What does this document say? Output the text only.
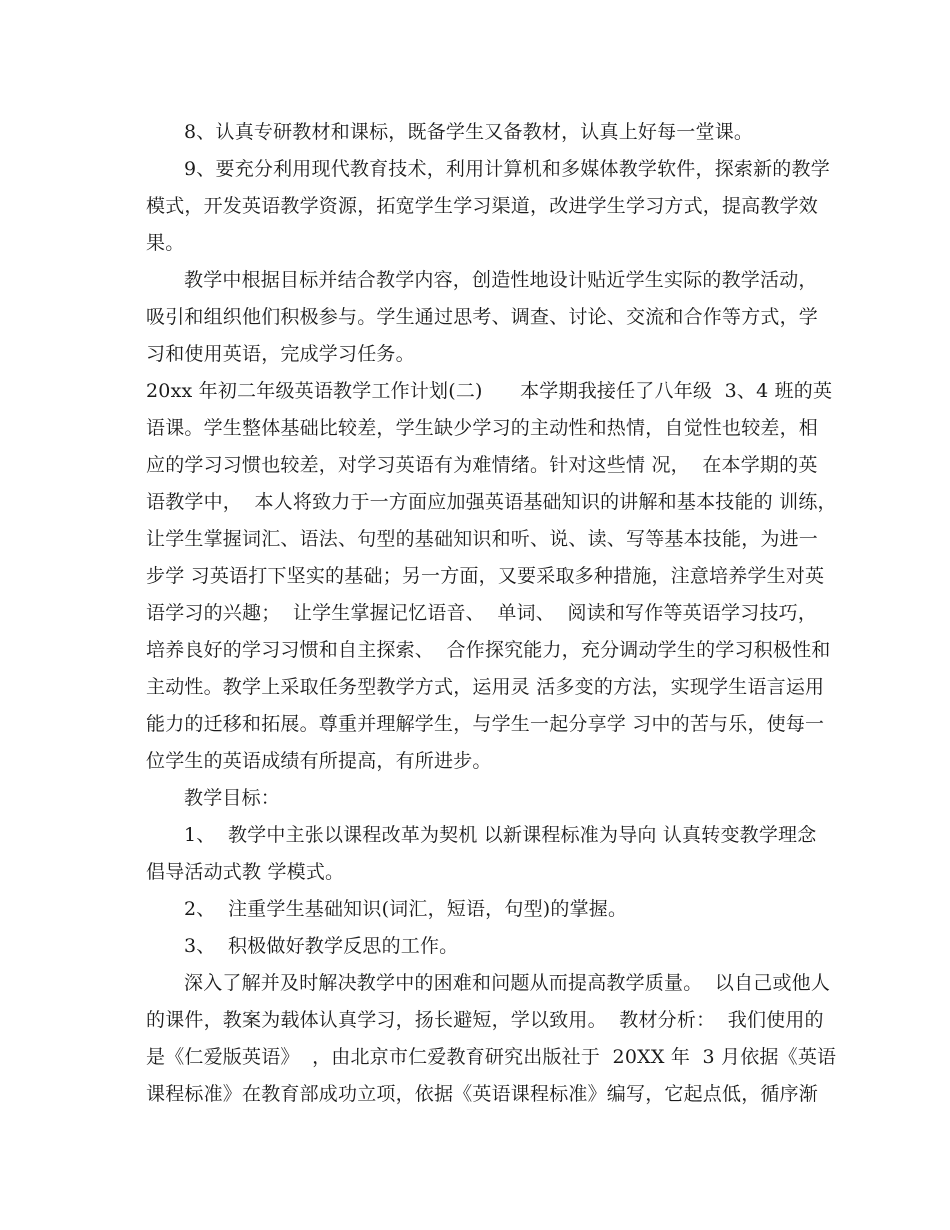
8、认真专研教材和课标，既备学生又备教材，认真上好每一堂课。
9、要充分利用现代教育技术，利用计算机和多媒体教学软件，探索新的教学
模式，开发英语教学资源，拓宽学生学习渠道，改进学生学习方式，提高教学效
果。
教学中根据目标并结合教学内容，创造性地设计贴近学生实际的教学活动，
吸引和组织他们积极参与。学生通过思考、调查、讨论、交流和合作等方式，学
习和使用英语，完成学习任务。
20xx 年初二年级英语教学工作计划(二)      本学期我接任了八年级  3、4 班的英
语课。学生整体基础比较差，学生缺少学习的主动性和热情，自觉性也较差，相
应的学习习惯也较差，对学习英语有为难情绪。针对这些情 况，  在本学期的英
语教学中，  本人将致力于一方面应加强英语基础知识的讲解和基本技能的 训练，
让学生掌握词汇、语法、句型的基础知识和听、说、读、写等基本技能，为进一
步学 习英语打下坚实的基础；另一方面，又要采取多种措施，注意培养学生对英
语学习的兴趣；  让学生掌握记忆语音、  单词、  阅读和写作等英语学习技巧，
培养良好的学习习惯和自主探索、  合作探究能力，充分调动学生的学习积极性和
主动性。教学上采取任务型教学方式，运用灵 活多变的方法，实现学生语言运用
能力的迁移和拓展。尊重并理解学生，与学生一起分享学 习中的苦与乐，使每一
位学生的英语成绩有所提高，有所进步。
教学目标：
1、  教学中主张以课程改革为契机 以新课程标准为导向 认真转变教学理念
倡导活动式教 学模式。
2、  注重学生基础知识(词汇，短语，句型)的掌握。
3、  积极做好教学反思的工作。
深入了解并及时解决教学中的困难和问题从而提高教学质量。  以自己或他人
的课件，教案为载体认真学习，扬长避短，学以致用。  教材分析：  我们使用的
是《仁爱版英语》  ，由北京市仁爱教育研究出版社于  20XX 年  3 月依据《英语
课程标准》在教育部成功立项，依据《英语课程标准》编写，它起点低，循序渐
